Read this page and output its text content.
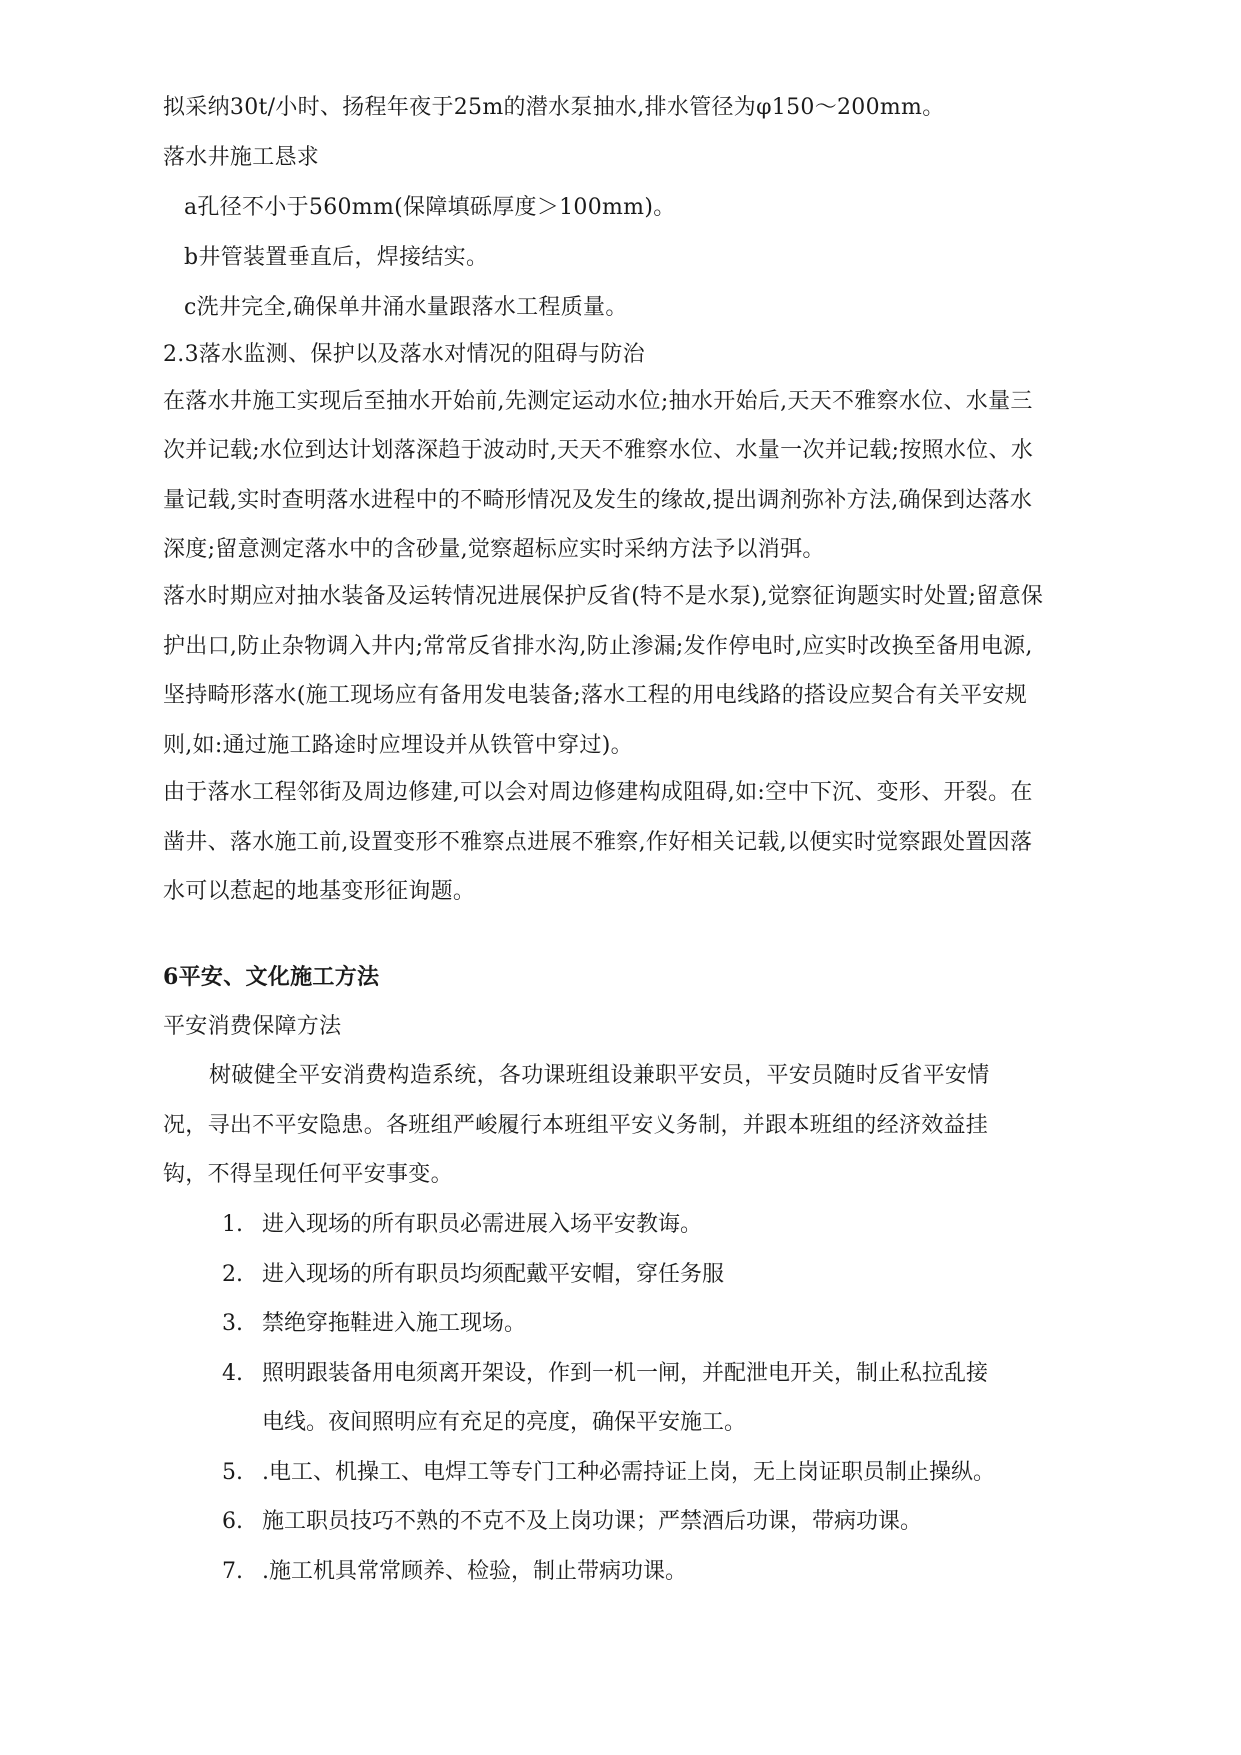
拟采纳30t/小时、扬程年夜于25m的潜水泵抽水,排水管径为φ150～200mm。
落水井施工恳求
a孔径不小于560mm(保障填砾厚度＞100mm)。
b井管装置垂直后，焊接结实。
c洗井完全,确保单井涌水量跟落水工程质量。
2.3落水监测、保护以及落水对情况的阻碍与防治
在落水井施工实现后至抽水开始前,先测定运动水位;抽水开始后,天天不雅察水位、水量三
次并记载;水位到达计划落深趋于波动时,天天不雅察水位、水量一次并记载;按照水位、水
量记载,实时查明落水进程中的不畸形情况及发生的缘故,提出调剂弥补方法,确保到达落水
深度;留意测定落水中的含砂量,觉察超标应实时采纳方法予以消弭。
落水时期应对抽水装备及运转情况进展保护反省(特不是水泵),觉察征询题实时处置;留意保
护出口,防止杂物调入井内;常常反省排水沟,防止渗漏;发作停电时,应实时改换至备用电源,
坚持畸形落水(施工现场应有备用发电装备;落水工程的用电线路的搭设应契合有关平安规
则,如:通过施工路途时应埋设并从铁管中穿过)。
由于落水工程邻街及周边修建,可以会对周边修建构成阻碍,如:空中下沉、变形、开裂。在
凿井、落水施工前,设置变形不雅察点进展不雅察,作好相关记载,以便实时觉察跟处置因落
水可以惹起的地基变形征询题。
6平安、文化施工方法
平安消费保障方法
树破健全平安消费构造系统，各功课班组设兼职平安员，平安员随时反省平安情
况，寻出不平安隐患。各班组严峻履行本班组平安义务制，并跟本班组的经济效益挂
钩，不得呈现任何平安事变。
1. 进入现场的所有职员必需进展入场平安教诲。
2. 进入现场的所有职员均须配戴平安帽，穿任务服
3. 禁绝穿拖鞋进入施工现场。
4. 照明跟装备用电须离开架设，作到一机一闸，并配泄电开关，制止私拉乱接
电线。夜间照明应有充足的亮度，确保平安施工。
5. .电工、机操工、电焊工等专门工种必需持证上岗，无上岗证职员制止操纵。
6. 施工职员技巧不熟的不克不及上岗功课；严禁酒后功课，带病功课。
7. .施工机具常常顾养、检验，制止带病功课。
